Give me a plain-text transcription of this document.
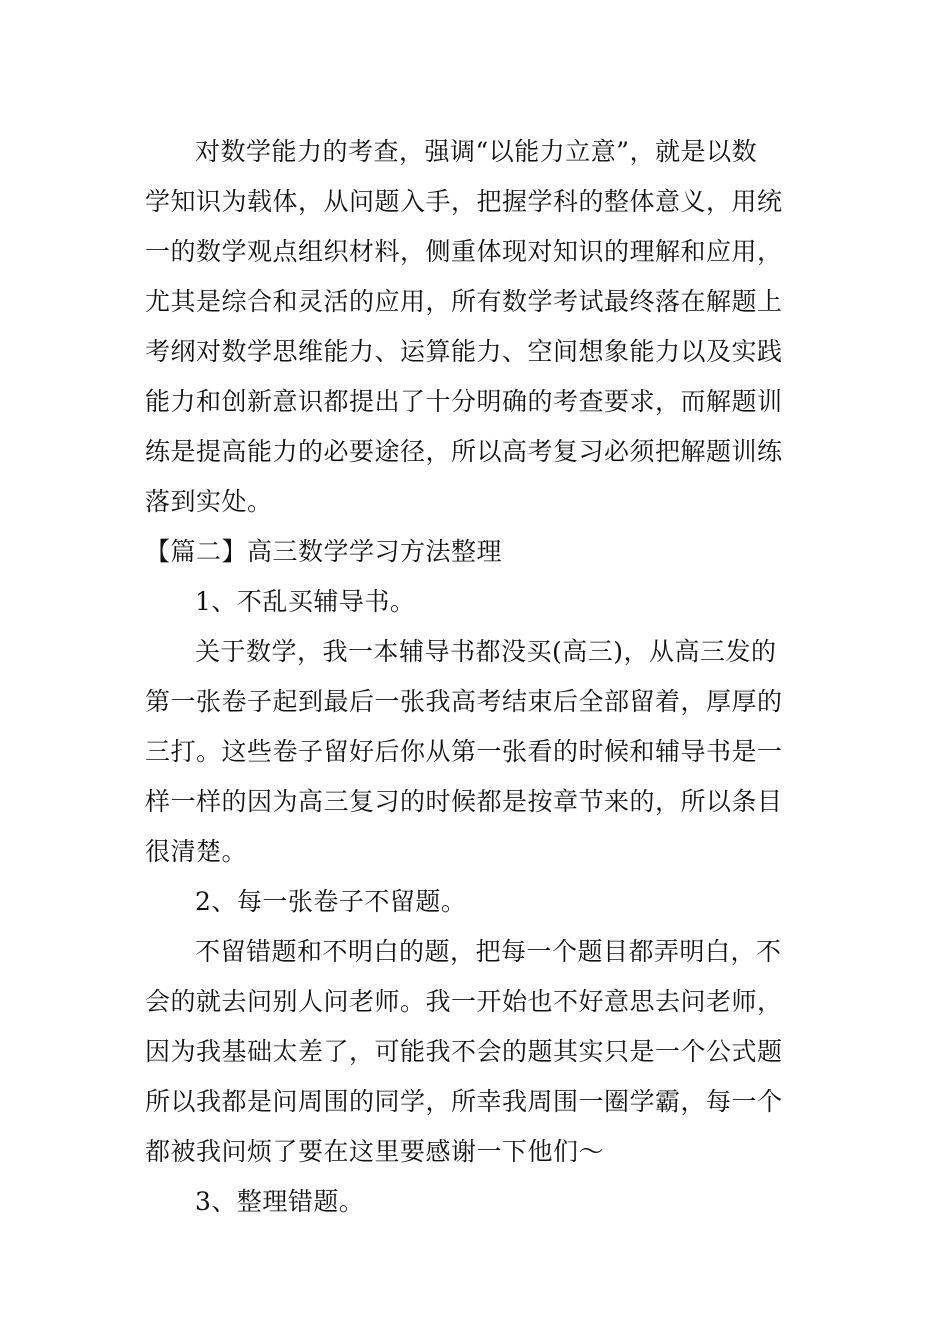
对数学能力的考查，强调“以能力立意”，就是以数
学知识为载体，从问题入手，把握学科的整体意义，用统
一的数学观点组织材料，侧重体现对知识的理解和应用，
尤其是综合和灵活的应用，所有数学考试最终落在解题上
考纲对数学思维能力、运算能力、空间想象能力以及实践
能力和创新意识都提出了十分明确的考查要求，而解题训
练是提高能力的必要途径，所以高考复习必须把解题训练
落到实处。
【篇二】高三数学学习方法整理
1、不乱买辅导书。
关于数学，我一本辅导书都没买(高三)，从高三发的
第一张卷子起到最后一张我高考结束后全部留着，厚厚的
三打。这些卷子留好后你从第一张看的时候和辅导书是一
样一样的因为高三复习的时候都是按章节来的，所以条目
很清楚。
2、每一张卷子不留题。
不留错题和不明白的题，把每一个题目都弄明白，不
会的就去问别人问老师。我一开始也不好意思去问老师，
因为我基础太差了，可能我不会的题其实只是一个公式题
所以我都是问周围的同学，所幸我周围一圈学霸，每一个
都被我问烦了要在这里要感谢一下他们～
3、整理错题。
